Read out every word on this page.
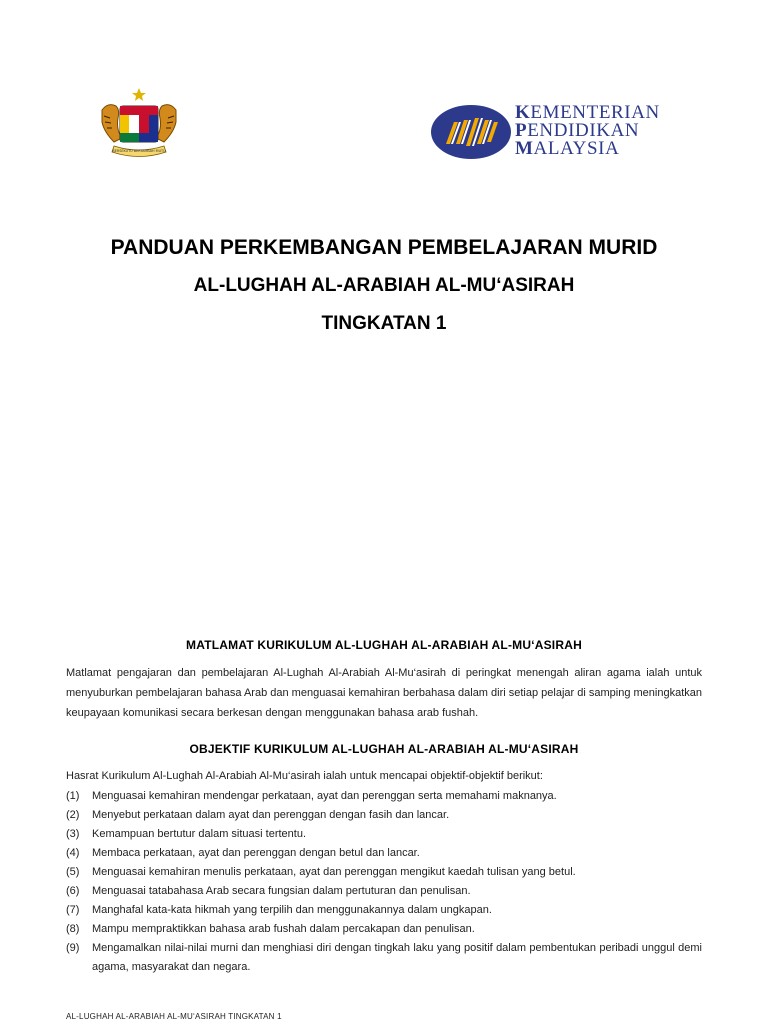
BERSEKUTU BERTAMBAH MUTU
KEMENTERIAN
PENDIDIKAN
MALAYSIA
PANDUAN PERKEMBANGAN PEMBELAJARAN MURID
AL-LUGHAH AL-ARABIAH AL-MU‘ASIRAH
TINGKATAN 1
MATLAMAT KURIKULUM AL-LUGHAH AL-ARABIAH AL-MU‘ASIRAH
Matlamat pengajaran dan pembelajaran Al-Lughah Al-Arabiah Al-Mu‘asirah di peringkat menengah aliran agama ialah untuk
menyuburkan pembelajaran bahasa Arab dan menguasai kemahiran berbahasa dalam diri setiap pelajar di samping meningkatkan
keupayaan komunikasi secara berkesan dengan menggunakan bahasa arab fushah.
OBJEKTIF KURIKULUM AL-LUGHAH AL-ARABIAH AL-MU‘ASIRAH
Hasrat Kurikulum Al-Lughah Al-Arabiah Al-Mu‘asirah ialah untuk mencapai objektif-objektif berikut:
(1) Menguasai kemahiran mendengar perkataan, ayat dan perenggan serta memahami maknanya.
(2) Menyebut perkataan dalam ayat dan perenggan dengan fasih dan lancar.
(3) Kemampuan bertutur dalam situasi tertentu.
(4) Membaca perkataan, ayat dan perenggan dengan betul dan lancar.
(5) Menguasai kemahiran menulis perkataan, ayat dan perenggan mengikut kaedah tulisan yang betul.
(6) Menguasai tatabahasa Arab secara fungsian dalam pertuturan dan penulisan.
(7) Manghafal kata-kata hikmah yang terpilih dan menggunakannya dalam ungkapan.
(8) Mampu mempraktikkan bahasa arab fushah dalam percakapan dan penulisan.
(9) Mengamalkan nilai-nilai murni dan menghiasi diri dengan tingkah laku yang positif dalam pembentukan peribadi unggul demi agama, masyarakat dan negara.
AL-LUGHAH AL-ARABIAH AL-MU‘ASIRAH TINGKATAN 1
